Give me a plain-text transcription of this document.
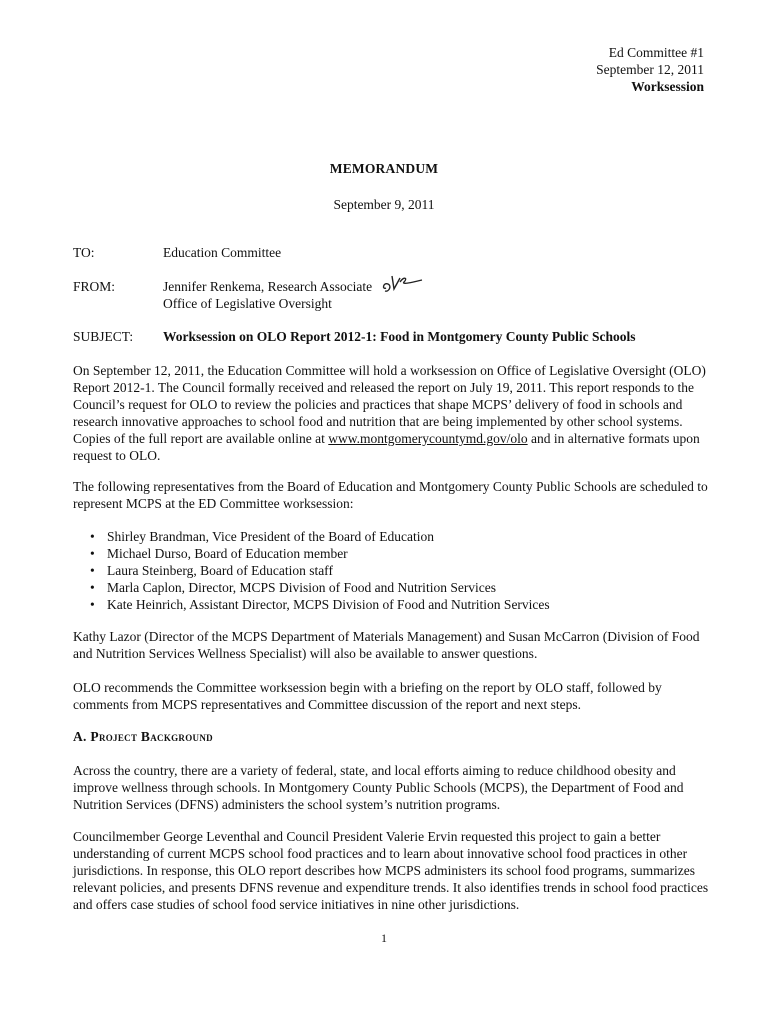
Ed Committee #1
September 12, 2011
Worksession
MEMORANDUM
September 9, 2011
TO:	Education Committee
FROM:	Jennifer Renkema, Research Associate
Office of Legislative Oversight
SUBJECT: Worksession on OLO Report 2012-1: Food in Montgomery County Public Schools

On September 12, 2011, the Education Committee will hold a worksession on Office of Legislative Oversight (OLO) Report 2012-1. The Council formally received and released the report on July 19, 2011. This report responds to the Council’s request for OLO to review the policies and practices that shape MCPS’ delivery of food in schools and research innovative approaches to school food and nutrition that are being implemented by other school systems. Copies of the full report are available online at www.montgomerycountymd.gov/olo and in alternative formats upon request to OLO.

The following representatives from the Board of Education and Montgomery County Public Schools are scheduled to represent MCPS at the ED Committee worksession:

• Shirley Brandman, Vice President of the Board of Education
• Michael Durso, Board of Education member
• Laura Steinberg, Board of Education staff
• Marla Caplon, Director, MCPS Division of Food and Nutrition Services
• Kate Heinrich, Assistant Director, MCPS Division of Food and Nutrition Services

Kathy Lazor (Director of the MCPS Department of Materials Management) and Susan McCarron (Division of Food and Nutrition Services Wellness Specialist) will also be available to answer questions.

OLO recommends the Committee worksession begin with a briefing on the report by OLO staff, followed by comments from MCPS representatives and Committee discussion of the report and next steps.

A. Project Background

Across the country, there are a variety of federal, state, and local efforts aiming to reduce childhood obesity and improve wellness through schools. In Montgomery County Public Schools (MCPS), the Department of Food and Nutrition Services (DFNS) administers the school system’s nutrition programs.

Councilmember George Leventhal and Council President Valerie Ervin requested this project to gain a better understanding of current MCPS school food practices and to learn about innovative school food practices in other jurisdictions. In response, this OLO report describes how MCPS administers its school food programs, summarizes relevant policies, and presents DFNS revenue and expenditure trends. It also identifies trends in school food practices and offers case studies of school food service initiatives in nine other jurisdictions.

1
